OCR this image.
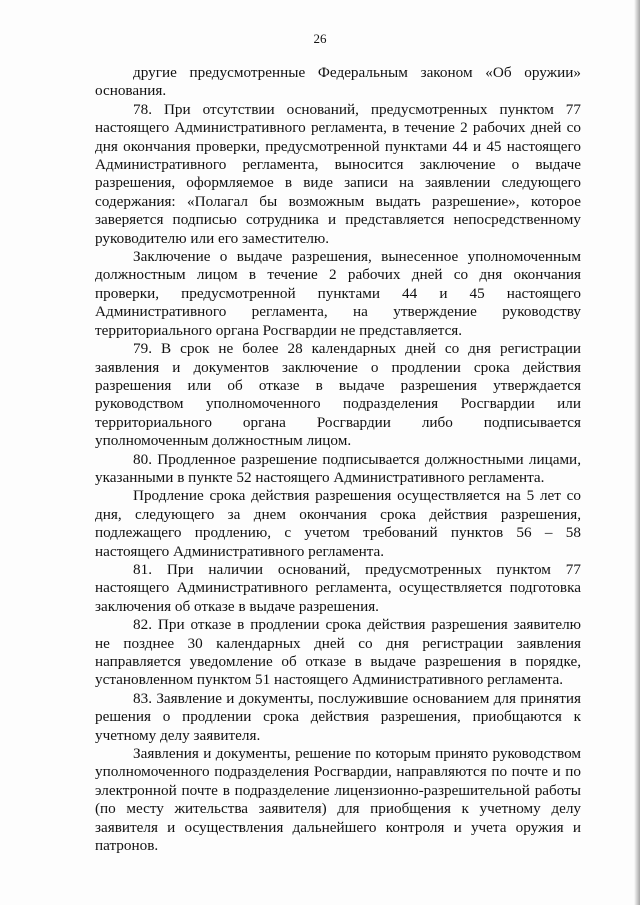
26

другие предусмотренные Федеральным законом «Об оружии» основания.

78. При отсутствии оснований, предусмотренных пунктом 77 настоящего Административного регламента, в течение 2 рабочих дней со дня окончания проверки, предусмотренной пунктами 44 и 45 настоящего Административного регламента, выносится заключение о выдаче разрешения, оформляемое в виде записи на заявлении следующего содержания: «Полагал бы возможным выдать разрешение», которое заверяется подписью сотрудника и представляется непосредственному руководителю или его заместителю.

Заключение о выдаче разрешения, вынесенное уполномоченным должностным лицом в течение 2 рабочих дней со дня окончания проверки, предусмотренной пунктами 44 и 45 настоящего Административного регламента, на утверждение руководству территориального органа Росгвардии не представляется.

79. В срок не более 28 календарных дней со дня регистрации заявления и документов заключение о продлении срока действия разрешения или об отказе в выдаче разрешения утверждается руководством уполномоченного подразделения Росгвардии или территориального органа Росгвардии либо подписывается уполномоченным должностным лицом.

80. Продленное разрешение подписывается должностными лицами, указанными в пункте 52 настоящего Административного регламента.

Продление срока действия разрешения осуществляется на 5 лет со дня, следующего за днем окончания срока действия разрешения, подлежащего продлению, с учетом требований пунктов 56 – 58 настоящего Административного регламента.

81. При наличии оснований, предусмотренных пунктом 77 настоящего Административного регламента, осуществляется подготовка заключения об отказе в выдаче разрешения.

82. При отказе в продлении срока действия разрешения заявителю не позднее 30 календарных дней со дня регистрации заявления направляется уведомление об отказе в выдаче разрешения в порядке, установленном пунктом 51 настоящего Административного регламента.

83. Заявление и документы, послужившие основанием для принятия решения о продлении срока действия разрешения, приобщаются к учетному делу заявителя.

Заявления и документы, решение по которым принято руководством уполномоченного подразделения Росгвардии, направляются по почте и по электронной почте в подразделение лицензионно-разрешительной работы (по месту жительства заявителя) для приобщения к учетному делу заявителя и осуществления дальнейшего контроля и учета оружия и патронов.
